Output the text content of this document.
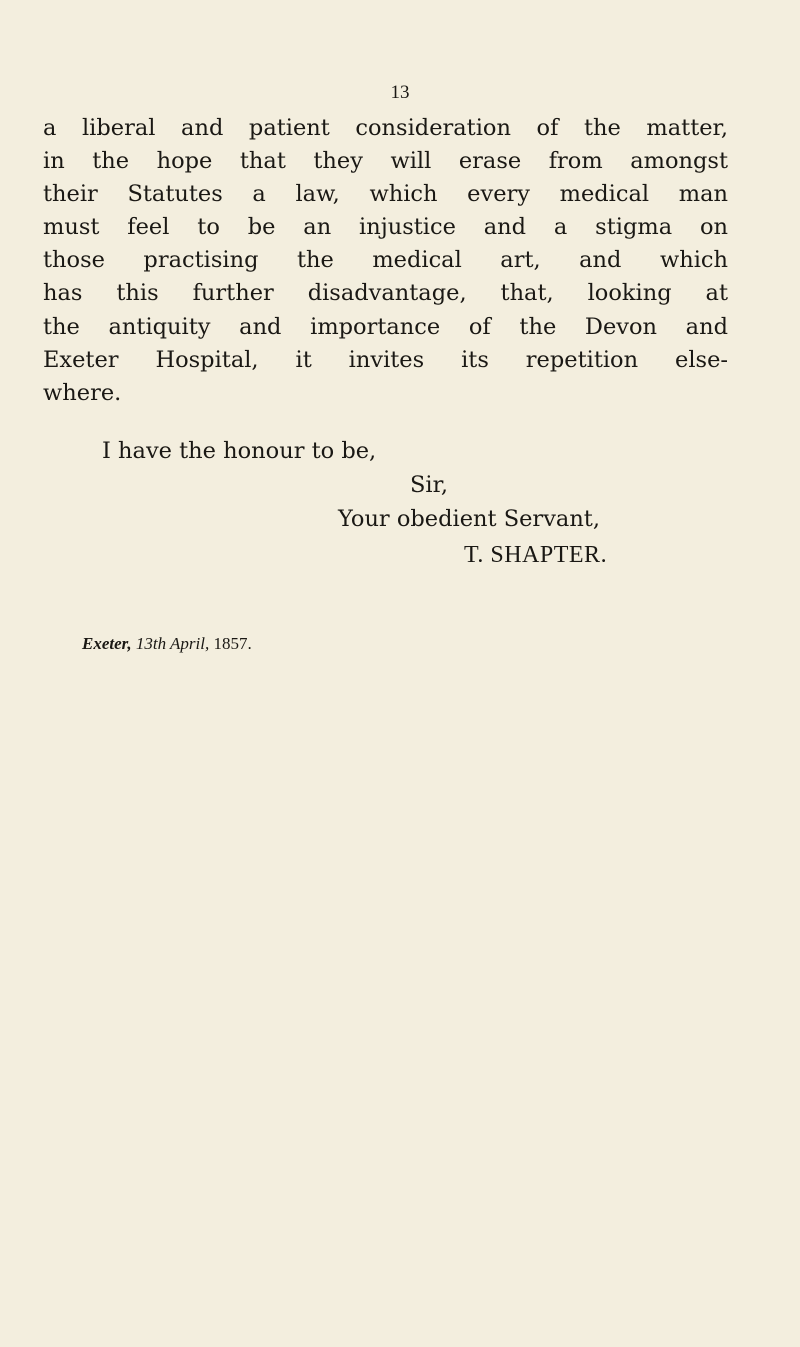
13
a liberal and patient consideration of the matter,
in the hope that they will erase from amongst
their Statutes a law, which every medical man
must feel to be an injustice and a stigma on
those practising the medical art, and which
has this further disadvantage, that, looking at
the antiquity and importance of the Devon and
Exeter Hospital, it invites its repetition else-
where.
I have the honour to be,
Sir,
Your obedient Servant,
T. SHAPTER.
Exeter, 13th April, 1857.
